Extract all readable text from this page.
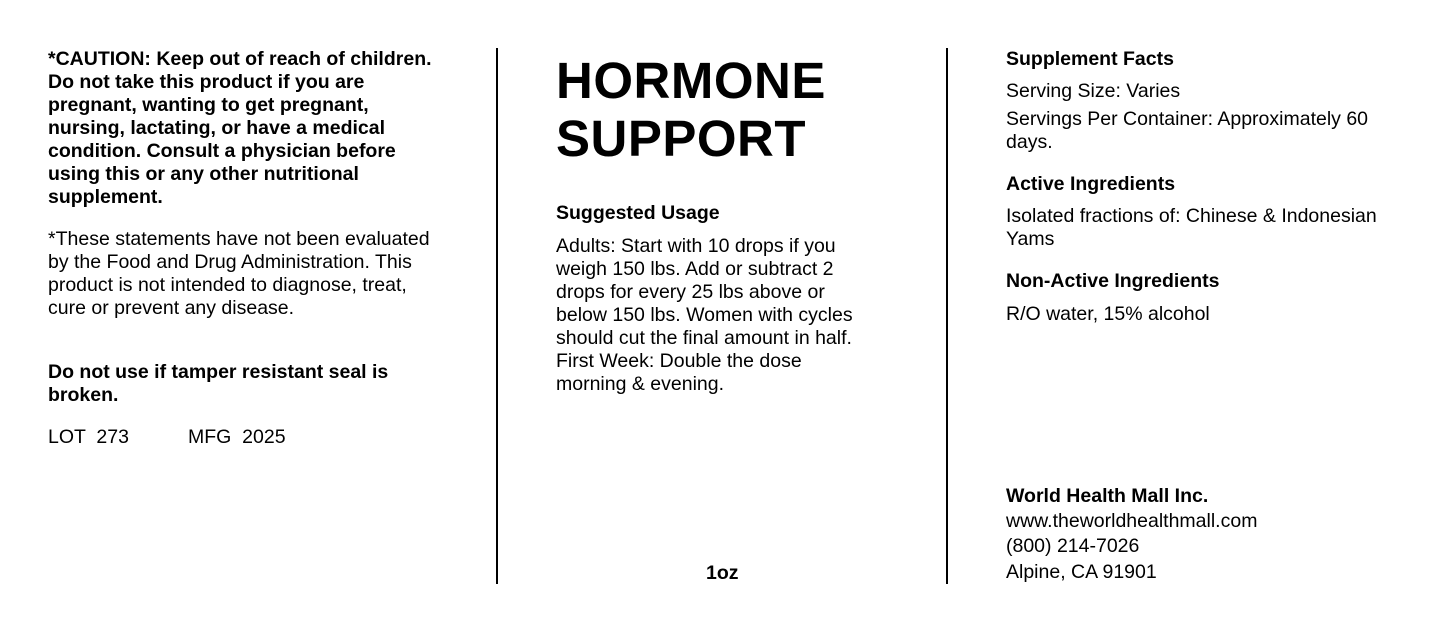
*CAUTION: Keep out of reach of children. Do not take this product if you are pregnant, wanting to get pregnant, nursing, lactating, or have a medical condition. Consult a physician before using this or any other nutritional supplement.

*These statements have not been evaluated by the Food and Drug Administration. This product is not intended to diagnose, treat, cure or prevent any disease.

Do not use if tamper resistant seal is broken.

LOT  273	MFG  2025
HORMONE
SUPPORT
Suggested Usage
Adults: Start with 10 drops if you
weigh 150 lbs. Add or subtract 2
drops for every 25 lbs above or
below 150 lbs. Women with cycles
should cut the final amount in half.
First Week: Double the dose
morning & evening.
1oz
Supplement Facts
Serving Size: Varies
Servings Per Container: Approximately 60 days.
Active Ingredients
Isolated fractions of: Chinese & Indonesian Yams
Non-Active Ingredients
R/O water, 15% alcohol
World Health Mall Inc.
www.theworldhealthmall.com
(800) 214-7026
Alpine, CA 91901
